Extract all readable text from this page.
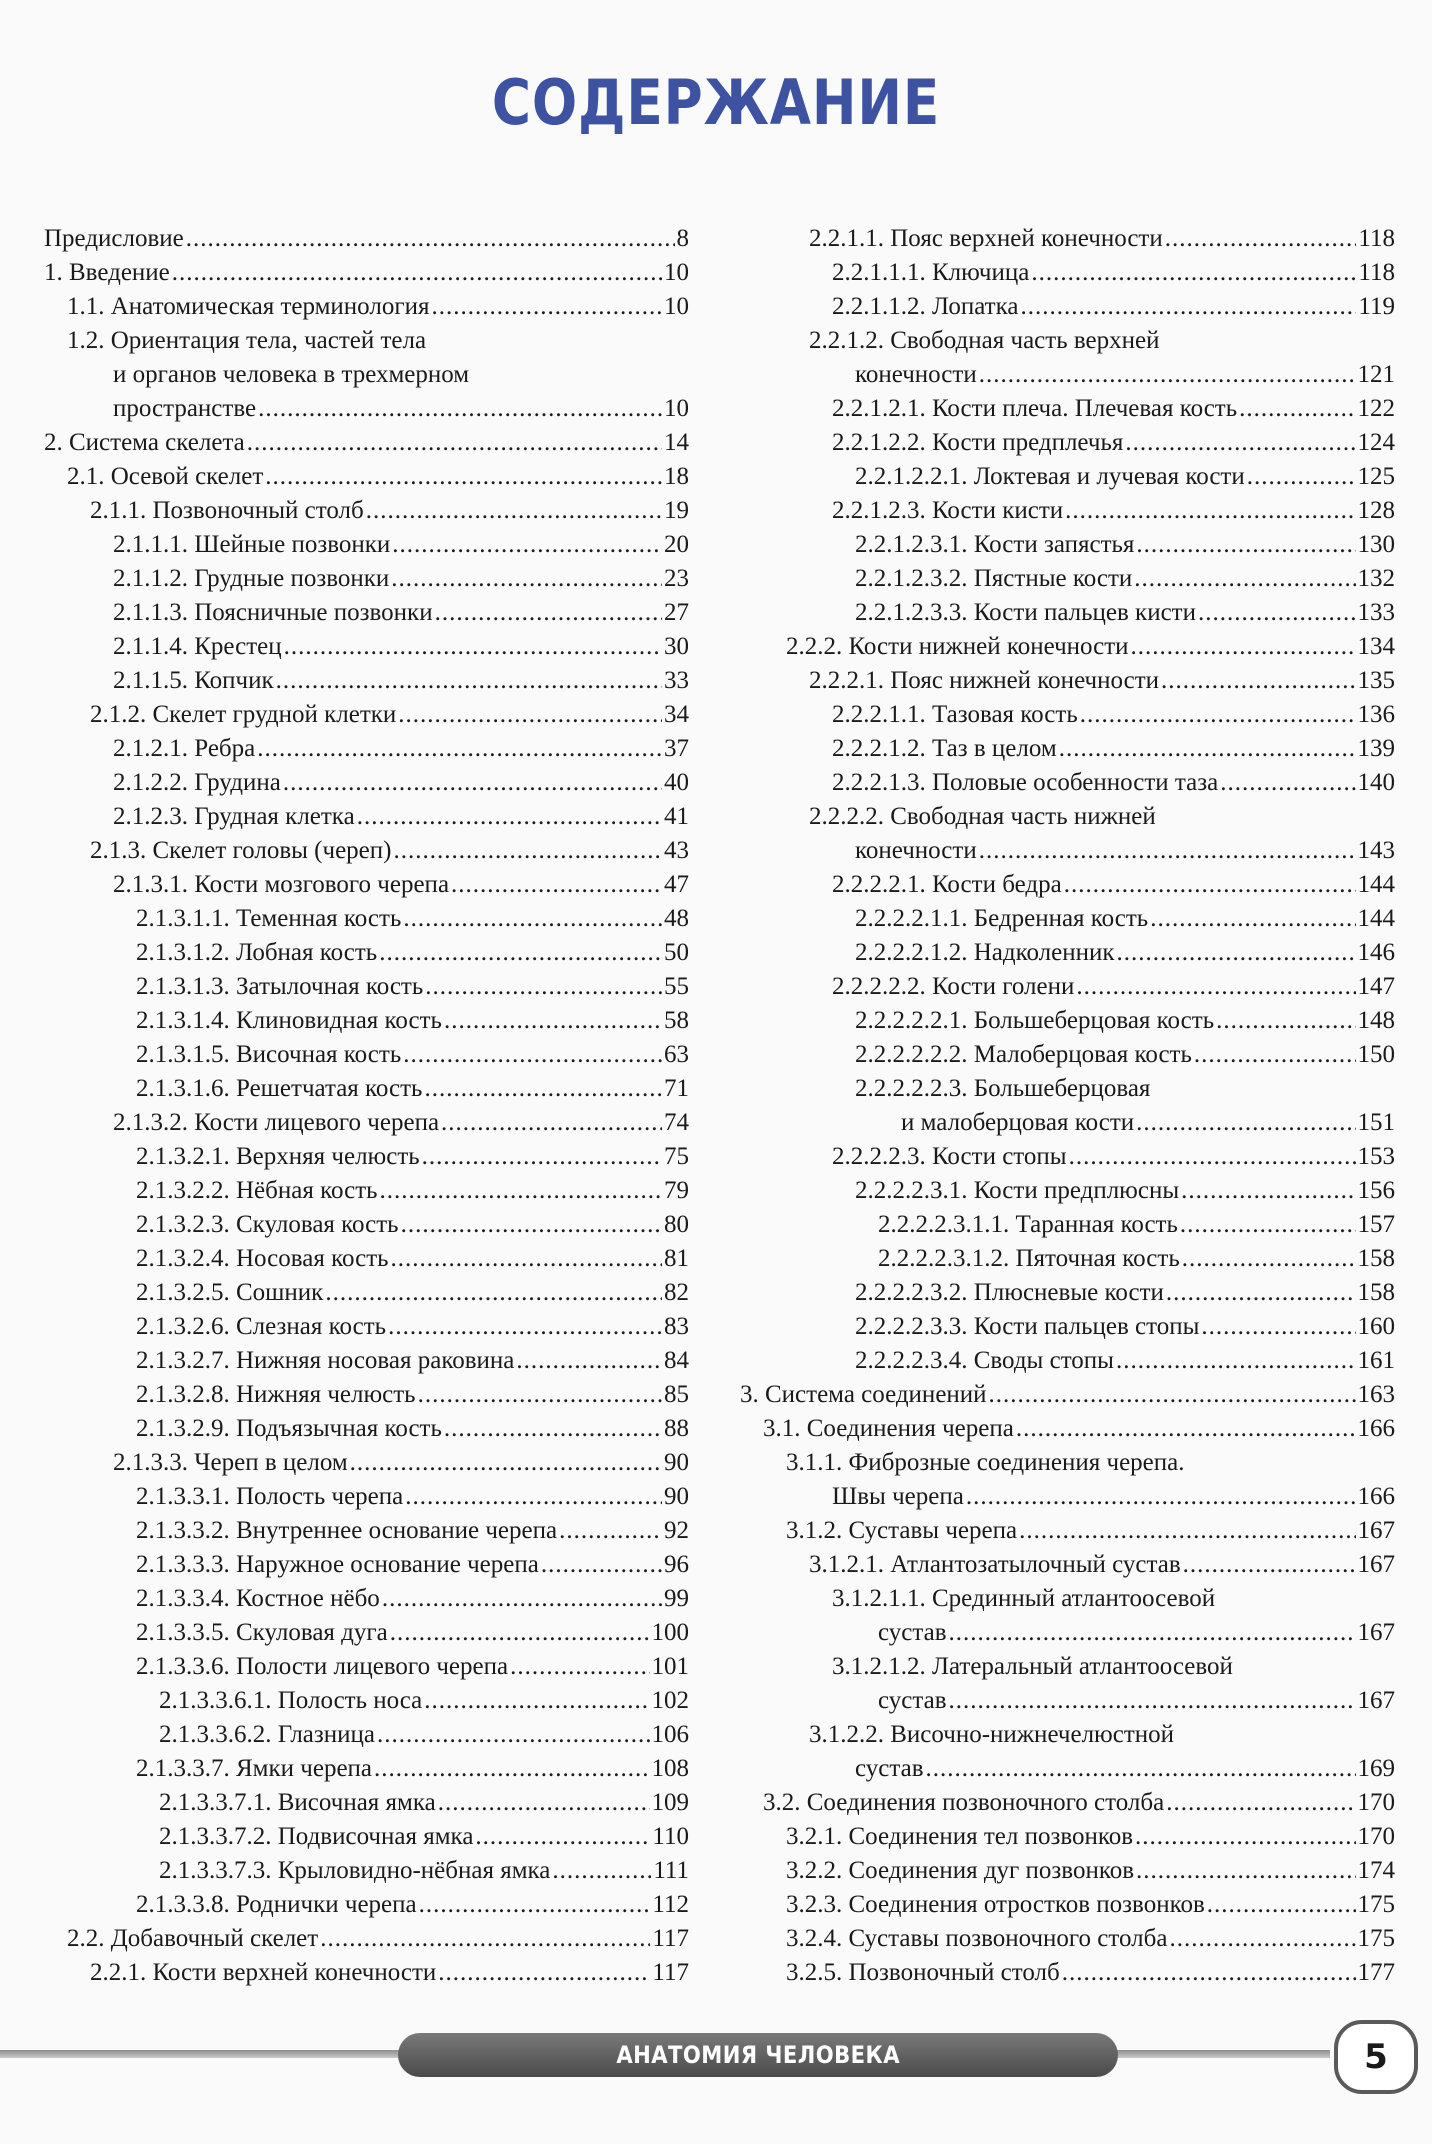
СОДЕРЖАНИЕ
Предисловие .....	8
1. Введение .....	10
1.1. Анатомическая терминология .....	10
1.2. Ориентация тела, частей тела
и органов человека в трехмерном
пространстве .....	10
2. Система скелета .....	14
2.1. Осевой скелет .....	18
2.1.1. Позвоночный столб .....	19
2.1.1.1. Шейные позвонки .....	20
2.1.1.2. Грудные позвонки .....	23
2.1.1.3. Поясничные позвонки .....	27
2.1.1.4. Крестец .....	30
2.1.1.5. Копчик .....	33
2.1.2. Скелет грудной клетки .....	34
2.1.2.1. Ребра .....	37
2.1.2.2. Грудина .....	40
2.1.2.3. Грудная клетка .....	41
2.1.3. Скелет головы (череп) .....	43
2.1.3.1. Кости мозгового черепа .....	47
2.1.3.1.1. Теменная кость .....	48
2.1.3.1.2. Лобная кость .....	50
2.1.3.1.3. Затылочная кость .....	55
2.1.3.1.4. Клиновидная кость .....	58
2.1.3.1.5. Височная кость .....	63
2.1.3.1.6. Решетчатая кость .....	71
2.1.3.2. Кости лицевого черепа .....	74
2.1.3.2.1. Верхняя челюсть .....	75
2.1.3.2.2. Нёбная кость .....	79
2.1.3.2.3. Скуловая кость .....	80
2.1.3.2.4. Носовая кость .....	81
2.1.3.2.5. Сошник .....	82
2.1.3.2.6. Слезная кость .....	83
2.1.3.2.7. Нижняя носовая раковина .....	84
2.1.3.2.8. Нижняя челюсть .....	85
2.1.3.2.9. Подъязычная кость .....	88
2.1.3.3. Череп в целом .....	90
2.1.3.3.1. Полость черепа .....	90
2.1.3.3.2. Внутреннее основание черепа .....	92
2.1.3.3.3. Наружное основание черепа .....	96
2.1.3.3.4. Костное нёбо .....	99
2.1.3.3.5. Скуловая дуга .....	100
2.1.3.3.6. Полости лицевого черепа .....	101
2.1.3.3.6.1. Полость носа .....	102
2.1.3.3.6.2. Глазница .....	106
2.1.3.3.7. Ямки черепа .....	108
2.1.3.3.7.1. Височная ямка .....	109
2.1.3.3.7.2. Подвисочная ямка .....	110
2.1.3.3.7.3. Крыловидно-нёбная ямка .....	111
2.1.3.3.8. Роднички черепа .....	112
2.2. Добавочный скелет .....	117
2.2.1. Кости верхней конечности .....	117
2.2.1.1. Пояс верхней конечности .....	118
2.2.1.1.1. Ключица .....	118
2.2.1.1.2. Лопатка .....	119
2.2.1.2. Свободная часть верхней
конечности .....	121
2.2.1.2.1. Кости плеча. Плечевая кость .....	122
2.2.1.2.2. Кости предплечья .....	124
2.2.1.2.2.1. Локтевая и лучевая кости .....	125
2.2.1.2.3. Кости кисти .....	128
2.2.1.2.3.1. Кости запястья .....	130
2.2.1.2.3.2. Пястные кости .....	132
2.2.1.2.3.3. Кости пальцев кисти .....	133
2.2.2. Кости нижней конечности .....	134
2.2.2.1. Пояс нижней конечности .....	135
2.2.2.1.1. Тазовая кость .....	136
2.2.2.1.2. Таз в целом .....	139
2.2.2.1.3. Половые особенности таза .....	140
2.2.2.2. Свободная часть нижней
конечности .....	143
2.2.2.2.1. Кости бедра .....	144
2.2.2.2.1.1. Бедренная кость .....	144
2.2.2.2.1.2. Надколенник .....	146
2.2.2.2.2. Кости голени .....	147
2.2.2.2.2.1. Большеберцовая кость .....	148
2.2.2.2.2.2. Малоберцовая кость .....	150
2.2.2.2.2.3. Большеберцовая
и малоберцовая кости .....	151
2.2.2.2.3. Кости стопы .....	153
2.2.2.2.3.1. Кости предплюсны .....	156
2.2.2.2.3.1.1. Таранная кость .....	157
2.2.2.2.3.1.2. Пяточная кость .....	158
2.2.2.2.3.2. Плюсневые кости .....	158
2.2.2.2.3.3. Кости пальцев стопы .....	160
2.2.2.2.3.4. Своды стопы .....	161
3. Система соединений .....	163
3.1. Соединения черепа .....	166
3.1.1. Фиброзные соединения черепа.
Швы черепа .....	166
3.1.2. Суставы черепа .....	167
3.1.2.1. Атлантозатылочный сустав .....	167
3.1.2.1.1. Срединный атлантоосевой
сустав .....	167
3.1.2.1.2. Латеральный атлантоосевой
сустав .....	167
3.1.2.2. Височно-нижнечелюстной
сустав .....	169
3.2. Соединения позвоночного столба .....	170
3.2.1. Соединения тел позвонков .....	170
3.2.2. Соединения дуг позвонков .....	174
3.2.3. Соединения отростков позвонков .....	175
3.2.4. Суставы позвоночного столба .....	175
3.2.5. Позвоночный столб .....	177
АНАТОМИЯ ЧЕЛОВЕКА	5
